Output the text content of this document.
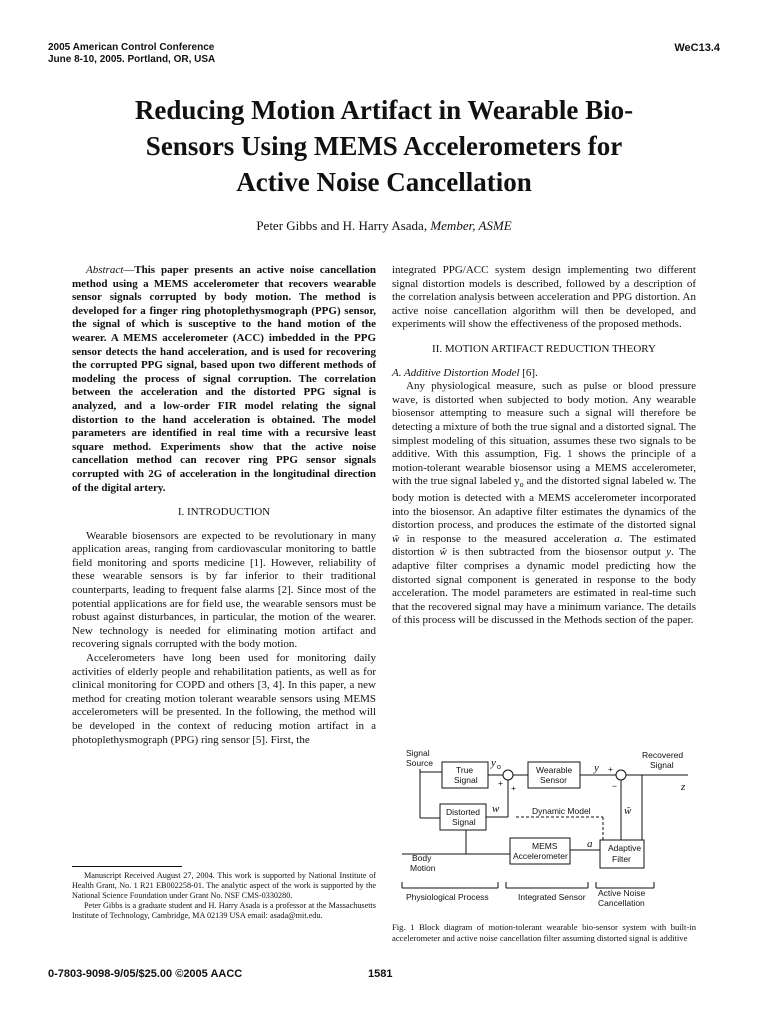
2005 American Control Conference
June 8-10, 2005. Portland, OR, USA
WeC13.4
Reducing Motion Artifact in Wearable Bio-
Sensors Using MEMS Accelerometers for
Active Noise Cancellation
Peter Gibbs and H. Harry Asada, Member, ASME

Abstract—This paper presents an active noise cancellation method using a MEMS accelerometer that recovers wearable sensor signals corrupted by body motion. The method is developed for a finger ring photoplethysmograph (PPG) sensor, the signal of which is susceptive to the hand motion of the wearer. A MEMS accelerometer (ACC) imbedded in the PPG sensor detects the hand acceleration, and is used for recovering the corrupted PPG signal, based upon two different methods of modeling the process of signal corruption. The correlation between the acceleration and the distorted PPG signal is analyzed, and a low-order FIR model relating the signal distortion to the hand acceleration is obtained. The model parameters are identified in real time with a recursive least square method. Experiments show that the active noise cancellation method can recover ring PPG sensor signals corrupted with 2G of acceleration in the longitudinal direction of the digital artery.

I. INTRODUCTION

Wearable biosensors are expected to be revolutionary in many application areas, ranging from cardiovascular monitoring to battle field monitoring and sports medicine [1]. However, reliability of these wearable sensors is by far inferior to their traditional counterparts, leading to frequent false alarms [2]. Since most of the potential applications are for field use, the wearable sensors must be robust against disturbances, in particular, the motion of the wearer. New technology is needed for eliminating motion artifact and recovering signals corrupted with the body motion.

Accelerometers have long been used for monitoring daily activities of elderly people and rehabilitation patients, as well as for clinical monitoring for COPD and others [3, 4]. In this paper, a new method for creating motion tolerant wearable sensors using MEMS accelerometers will be presented. In the following, the method will be developed in the context of reducing motion artifact in a photoplethysmograph (PPG) ring sensor [5]. First, the

integrated PPG/ACC system design implementing two different signal distortion models is described, followed by a description of the correlation analysis between acceleration and PPG distortion. An active noise cancellation algorithm will then be developed, and experiments will show the effectiveness of the proposed methods.

II. MOTION ARTIFACT REDUCTION THEORY

A. Additive Distortion Model [6].

Any physiological measure, such as pulse or blood pressure wave, is distorted when subjected to body motion. Any wearable biosensor attempting to measure such a signal will therefore be detecting a mixture of both the true signal and a distorted signal. The simplest modeling of this situation, assumes these two signals to be additive. With this assumption, Fig. 1 shows the principle of a motion-tolerant wearable biosensor using a MEMS accelerometer, with the true signal labeled $y_o$ and the distorted signal labeled w. The body motion is detected with a MEMS accelerometer incorporated into the biosensor. An adaptive filter estimates the dynamics of the distortion process, and produces the estimate of the distorted signal ŵ in response to the measured acceleration a. The estimated distortion ŵ is then subtracted from the biosensor output y. The adaptive filter comprises a dynamic model predicting how the distorted signal component is generated in response to the body acceleration. The model parameters are estimated in real-time such that the recovered signal may have a minimum variance. The details of this process will be discussed in the Methods section of the paper.

Signal
Source
True
Signal
y o
+ +
Wearable
Sensor
y +
−
Recovered
Signal
z
Distorted
Signal
w	Dynamic Model	ŵ
MEMS
Accelerometer
a Adaptive
Filter
Body
Motion
Physiological Process	Integrated Sensor Active Noise
Cancellation
Fig. 1 Block diagram of motion-tolerant wearable bio-sensor system with built-in accelerometer and active noise cancellation filter assuming distorted signal is additive

Manuscript Received August 27, 2004. This work is supported by National Institute of Health Grant, No. 1 R21 EB002258-01. The analytic aspect of the work is supported by the National Science Foundation under Grant No. NSF CMS-0330280.

Peter Gibbs is a graduate student and H. Harry Asada is a professor at the Massachusetts Institute of Technology, Cambridge, MA 02139 USA email: asada@mit.edu.

0-7803-9098-9/05/$25.00 ©2005 AACC	1581
